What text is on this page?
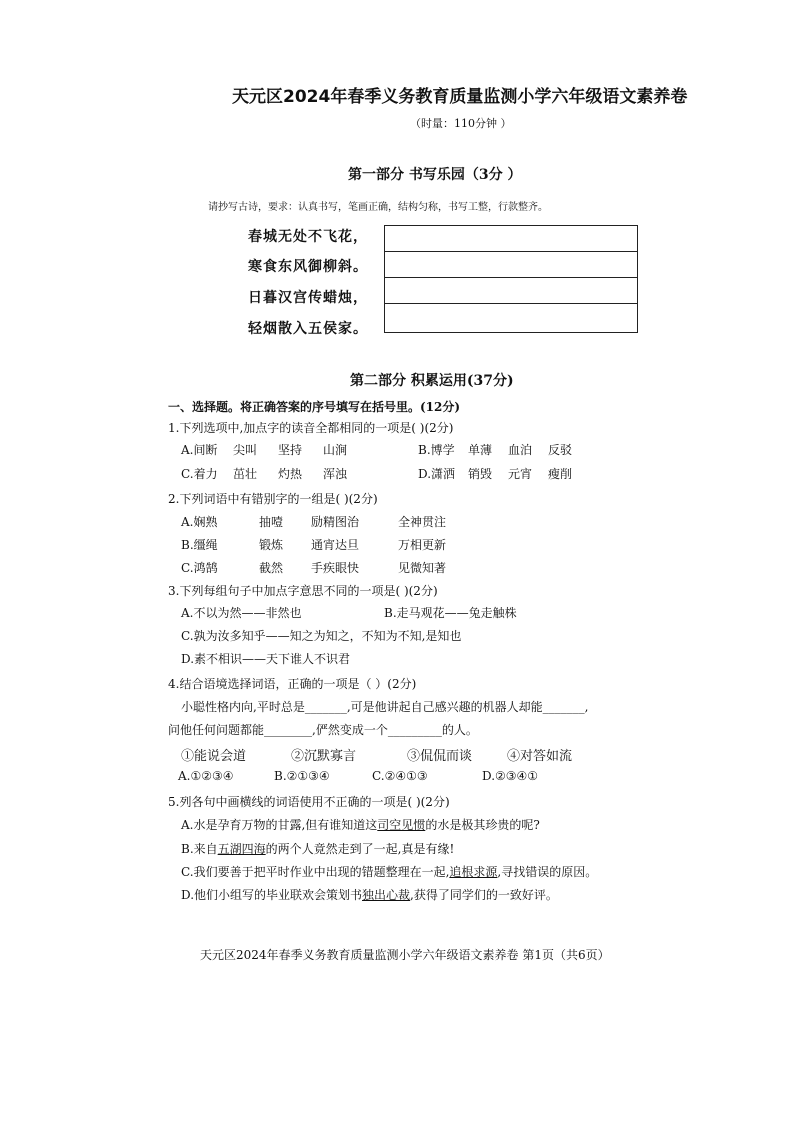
天元区2024年春季义务教育质量监测小学六年级语文素养卷
（时量：110分钟 ）
第一部分 书写乐园（3分 ）
请抄写古诗，要求：认真书写，笔画正确，结构匀称，书写工整，行款整齐。
春城无处不飞花，
寒食东风御柳斜。
日暮汉宫传蜡烛，
轻烟散入五侯家。
第二部分 积累运用(37分)
一、选择题。将正确答案的序号填写在括号里。(12分)
1.下列选项中,加点字的读音全都相同的一项是( )(2分)
A.间断	尖叫	坚持	山涧	B.博学	单薄	血泊	反驳
C.着力	茁壮	灼热	浑浊	D.潇洒	销毁	元宵	瘦削
2.下列词语中有错别字的一组是( )(2分)
A.娴熟	抽噎	励精图治	全神贯注
B.缰绳	锻炼	通宵达旦	万相更新
C.鸿鹄	截然	手疾眼快	见微知著
3.下列每组句子中加点字意思不同的一项是( )(2分)
A.不以为然——非然也	B.走马观花——兔走触株
C.孰为汝多知乎——知之为知之，不知为不知,是知也
D.素不相识——天下谁人不识君
4.结合语境选择词语，正确的一项是（ ）(2分)
小聪性格内向,平时总是_______,可是他讲起自己感兴趣的机器人却能_______,
问他任何问题都能________,俨然变成一个_________的人。
①能说会道	②沉默寡言	③侃侃而谈	④对答如流
A.①②③④	B.②①③④	C.②④①③	D.②③④①
5.列各句中画横线的词语使用不正确的一项是( )(2分)
A.水是孕育万物的甘露,但有谁知道这司空见惯的水是极其珍贵的呢?
B.来自五湖四海的两个人竟然走到了一起,真是有缘!
C.我们要善于把平时作业中出现的错题整理在一起,追根求源,寻找错误的原因。
D.他们小组写的毕业联欢会策划书独出心裁,获得了同学们的一致好评。
天元区2024年春季义务教育质量监测小学六年级语文素养卷 第1页（共6页）
